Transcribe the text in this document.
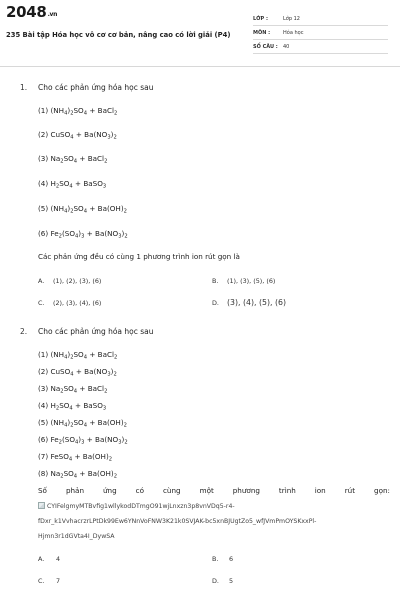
2048.vn
235 Bài tập Hóa học vô cơ cơ bản, nâng cao có lời giải (P4)
LỚP :	Lớp 12
MÔN :	Hóa học
SỐ CÂU : 40
1. Cho các phản ứng hóa học sau
(1) $(NH_4)_2SO_4$ + BaCl$_2$
(2) CuSO$_4$ + $Ba(NO_3)_2$
(3) $Na_2SO_4$ + BaCl$_2$
(4) $H_2SO_4$ + BaSO$_3$
(5) $(NH_4)_2SO_4 + Ba(OH)_2$
(6) $Fe_2(SO_4)_3 + Ba(NO_3)_2$
Các phản ứng đều có cùng 1 phương trình ion rút gọn là
A. (1), (2), (3), (6)	B. (1), (3), (5), (6)
C. (2), (3), (4), (6)	D. (3), (4), (5), (6)
2. Cho các phản ứng hóa học sau
(1) $(NH_4)_2SO_4$ + BaCl$_2$
(2) CuSO$_4$ + $Ba(NO_3)_2$
(3) $Na_2SO_4$ + BaCl$_2$
(4) $H_2SO_4$ + BaSO$_3$
(5) $(NH_4)_2SO_4 + Ba(OH)_2$
(6) $Fe_2(SO_4)_3 + Ba(NO_3)_2$
(7) FeSO$_4$ + $Ba(OH)_2$
(8) $Na_2SO_4 + Ba(OH)_2$
Số	phản	ứng	có	cùng	một	phương	trình	ion	rút	gọn:
CYIFelgmyMTBvfig1wllykodDTmgO91wjLnxzn3p8vnVDq5-r4-
fDxr_k1VvhacrzrLPtDk99Ew6YNnVoFNW3K21k0SVJAK-bc5xnBJUgtZo5_wfJVmPmOYSKxxPl-
Hjmn3r1dGVta4I_DywSA
A. 4	B. 6
C. 7	D. 5
